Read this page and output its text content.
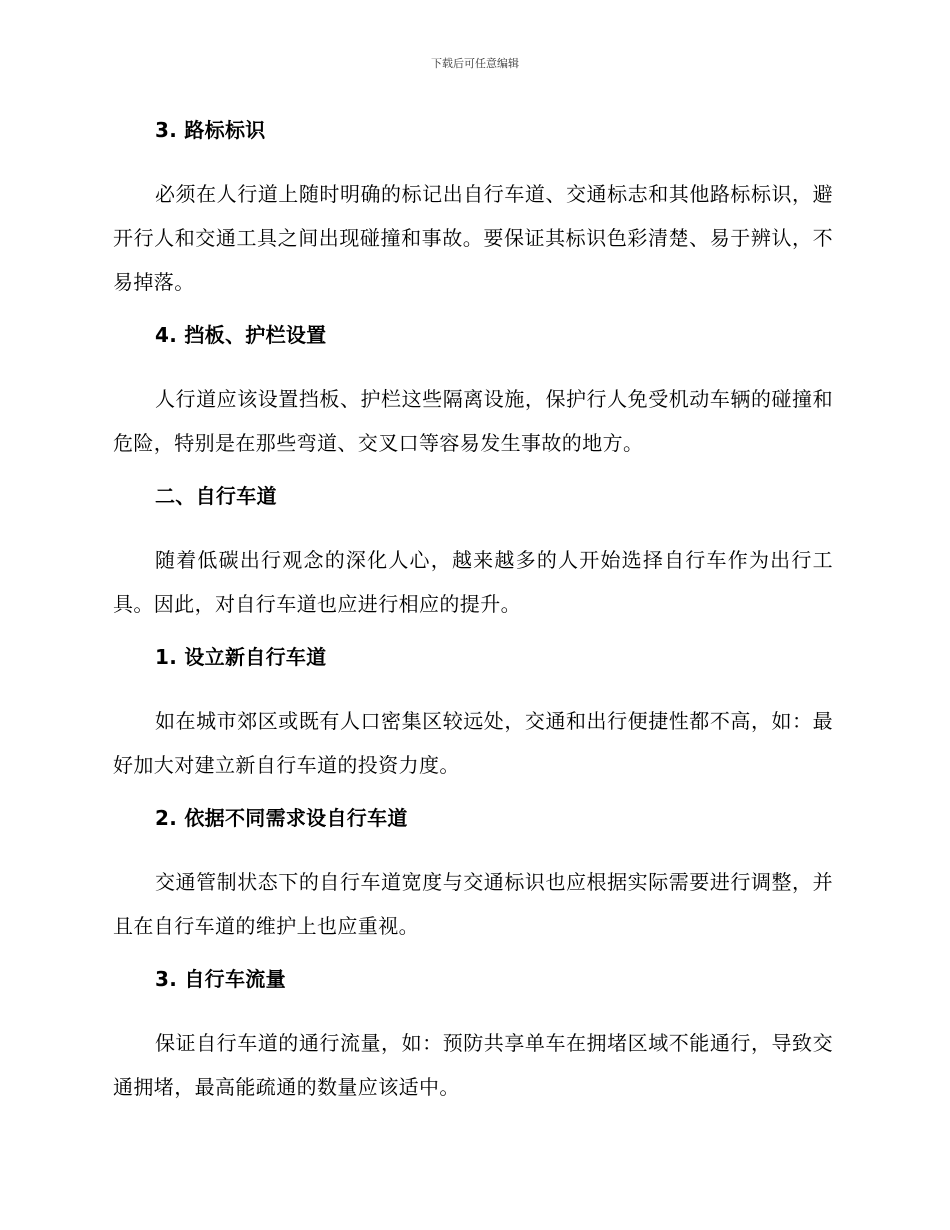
下载后可任意编辑
3. 路标标识
必须在人行道上随时明确的标记出自行车道、交通标志和其他路标标识，避开行人和交通工具之间出现碰撞和事故。要保证其标识色彩清楚、易于辨认，不易掉落。
4. 挡板、护栏设置
人行道应该设置挡板、护栏这些隔离设施，保护行人免受机动车辆的碰撞和危险，特别是在那些弯道、交叉口等容易发生事故的地方。
二、自行车道
随着低碳出行观念的深化人心，越来越多的人开始选择自行车作为出行工具。因此，对自行车道也应进行相应的提升。
1. 设立新自行车道
如在城市郊区或既有人口密集区较远处，交通和出行便捷性都不高，如：最好加大对建立新自行车道的投资力度。
2. 依据不同需求设自行车道
交通管制状态下的自行车道宽度与交通标识也应根据实际需要进行调整，并且在自行车道的维护上也应重视。
3. 自行车流量
保证自行车道的通行流量，如：预防共享单车在拥堵区域不能通行，导致交通拥堵，最高能疏通的数量应该适中。
